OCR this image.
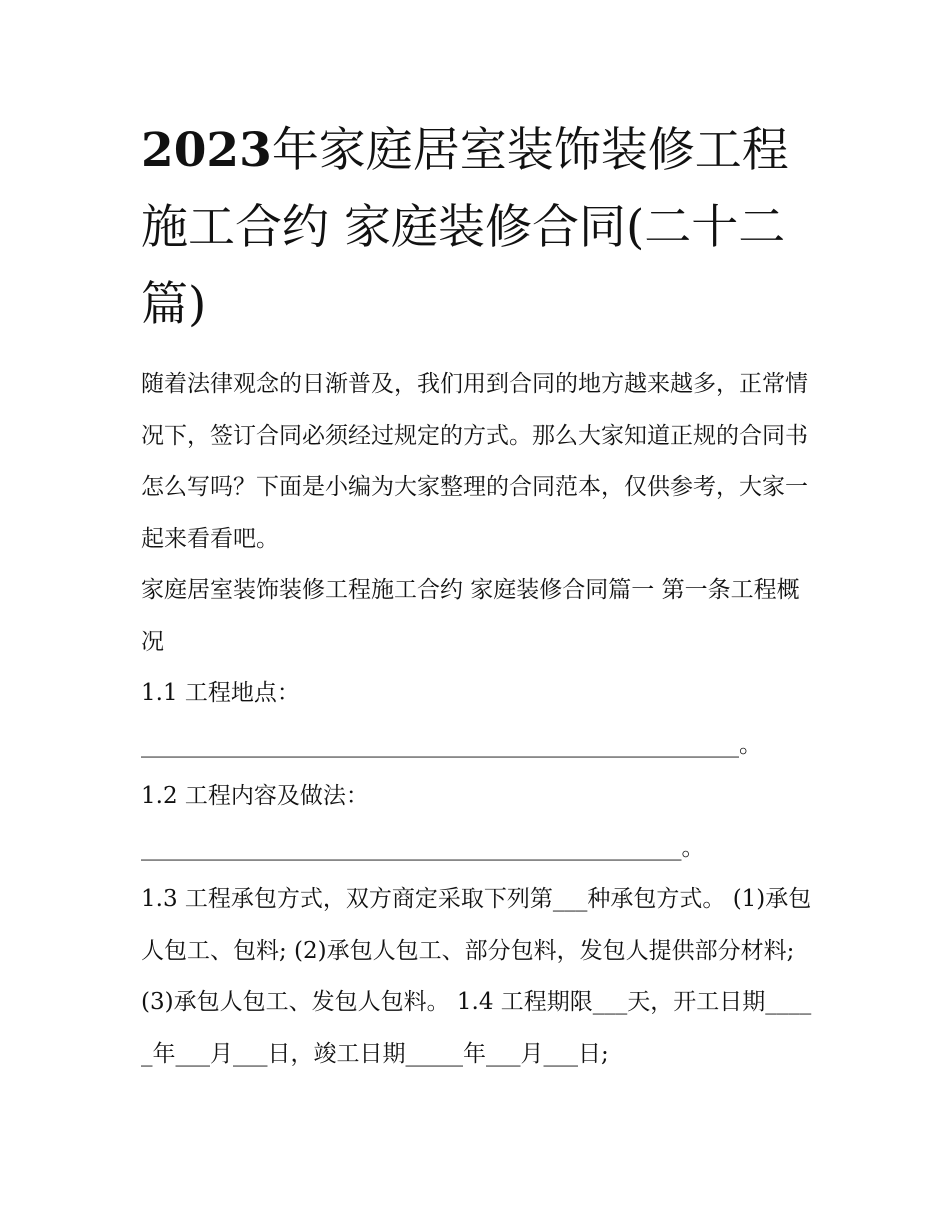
2023年家庭居室装饰装修工程施工合约 家庭装修合同(二十二篇)

随着法律观念的日渐普及，我们用到合同的地方越来越多，正常情况下，签订合同必须经过规定的方式。那么大家知道正规的合同书怎么写吗？下面是小编为大家整理的合同范本，仅供参考，大家一起来看看吧。

家庭居室装饰装修工程施工合约 家庭装修合同篇一 第一条工程概况

1.1 工程地点：

____________________________________________________。

1.2 工程内容及做法：

_______________________________________________。

1.3 工程承包方式，双方商定采取下列第___种承包方式。 (1)承包人包工、包料; (2)承包人包工、部分包料，发包人提供部分材料;

(3)承包人包工、发包人包料。 1.4 工程期限___天，开工日期_____年___月___日，竣工日期_____年___月___日;
